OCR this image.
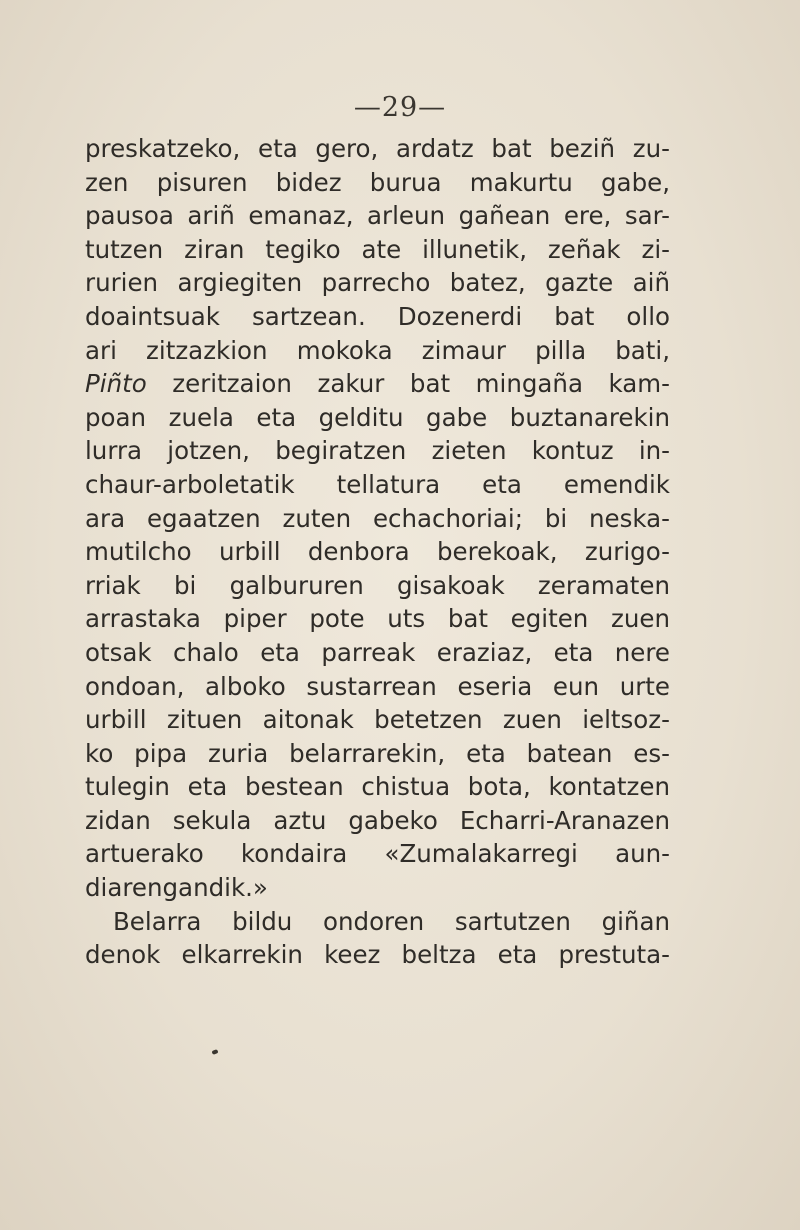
—29—
preskatzeko, eta gero, ardatz bat beziñ zu-
zen pisuren bidez burua makurtu gabe,
pausoa ariñ emanaz, arleun gañean ere, sar-
tutzen ziran tegiko ate illunetik, zeñak zi-
rurien argiegiten parrecho batez, gazte aiñ
doaintsuak sartzean. Dozenerdi bat ollo
ari zitzazkion mokoka zimaur pilla bati,
Piñto zeritzaion zakur bat mingaña kam-
poan zuela eta gelditu gabe buztanarekin
lurra jotzen, begiratzen zieten kontuz in-
chaur-arboletatik tellatura eta emendik
ara egaatzen zuten echachoriai; bi neska-
mutilcho urbill denbora berekoak, zurigo-
rriak bi galbururen gisakoak zeramaten
arrastaka piper pote uts bat egiten zuen
otsak chalo eta parreak eraziaz, eta nere
ondoan, alboko sustarrean eseria eun urte
urbill zituen aitonak betetzen zuen ieltsoz-
ko pipa zuria belarrarekin, eta batean es-
tulegin eta bestean chistua bota, kontatzen
zidan sekula aztu gabeko Echarri-Aranazen
artuerako kondaira «Zumalakarregi aun-
diarengandik.»
Belarra bildu ondoren sartutzen giñan
denok elkarrekin keez beltza eta prestuta-
